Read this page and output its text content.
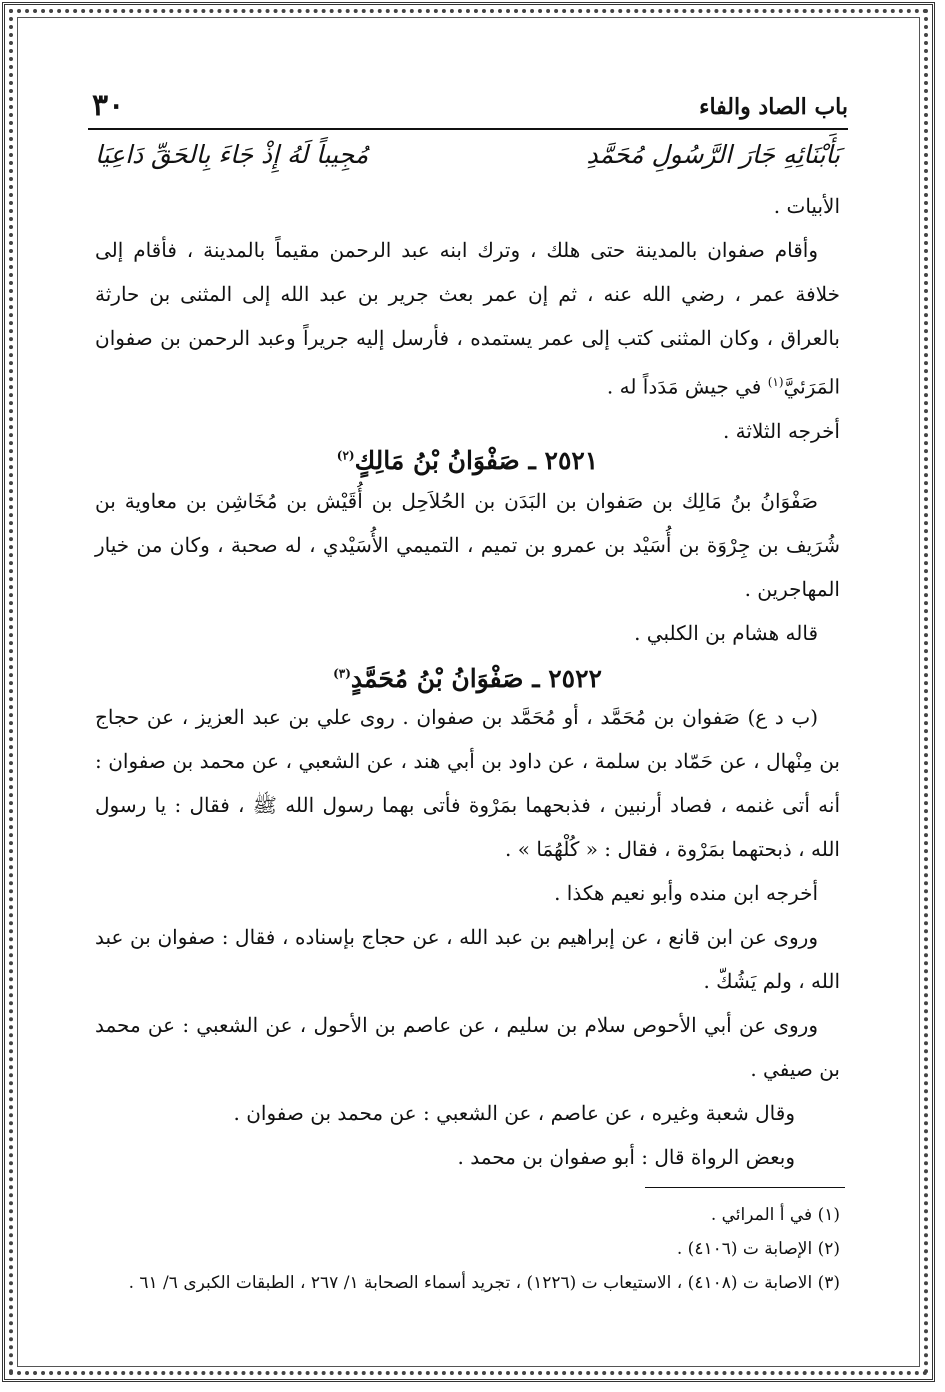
باب الصاد والفاء
٣٠
بَأَبْنَائِهِ جَارَ الرَّسُولِ مُحَمَّدِ
مُجِيباً لَهُ إِذْ جَاءَ بِالحَقِّ دَاعِيَا

الأبيات .

وأقام صفوان بالمدينة حتى هلك ، وترك ابنه عبد الرحمن مقيماً بالمدينة ، فأقام إلى خلافة عمر ، رضي الله عنه ، ثم إن عمر بعث جرير بن عبد الله إلى المثنى بن حارثة بالعراق ، وكان المثنى كتب إلى عمر يستمده ، فأرسل إليه جريراً وعبد الرحمن بن صفوان المَرَئيَّ$^{(١)}$ في جيش مَدَداً له .

أخرجه الثلاثة .

٢٥٢١ ـ صَفْوَانُ بْنُ مَالِكٍ$^{(٢)}$

صَفْوَانُ بنُ مَالِك بن صَفوان بن البَدَن بن الحُلاَحِل بن أُقَيْش بن مُخَاشِن بن معاوية بن شُرَيف بن جِرْوَة بن أُسَيْد بن عمرو بن تميم ، التميمي الأُسَيْدي ، له صحبة ، وكان من خيار المهاجرين .

قاله هشام بن الكلبي .

٢٥٢٢ ـ صَفْوَانُ بْنُ مُحَمَّدٍ$^{(٣)}$

(ب د ع) صَفوان بن مُحَمَّد ، أو مُحَمَّد بن صفوان . روى علي بن عبد العزيز ، عن حجاج بن مِنْهال ، عن حَمّاد بن سلمة ، عن داود بن أبي هند ، عن الشعبي ، عن محمد بن صفوان : أنه أتى غنمه ، فصاد أرنبين ، فذبحهما بمَرْوة فأتى بهما رسول الله ﷺ ، فقال : يا رسول الله ، ذبحتهما بمَرْوة ، فقال : « كُلْهُمَا » .

أخرجه ابن منده وأبو نعيم هكذا .

وروى عن ابن قانع ، عن إبراهيم بن عبد الله ، عن حجاج بإسناده ، فقال : صفوان بن عبد الله ، ولم يَشُكّ .

وروى عن أبي الأحوص سلام بن سليم ، عن عاصم بن الأحول ، عن الشعبي : عن محمد بن صيفي .

وقال شعبة وغيره ، عن عاصم ، عن الشعبي : عن محمد بن صفوان .

وبعض الرواة قال : أبو صفوان بن محمد .

(١) في أ المرائي .

(٢) الإصابة ت (٤١٠٦) .

(٣) الاصابة ت (٤١٠٨) ، الاستيعاب ت (١٢٢٦) ، تجريد أسماء الصحابة ١/ ٢٦٧ ، الطبقات الكبرى ٦/ ٦١ .
